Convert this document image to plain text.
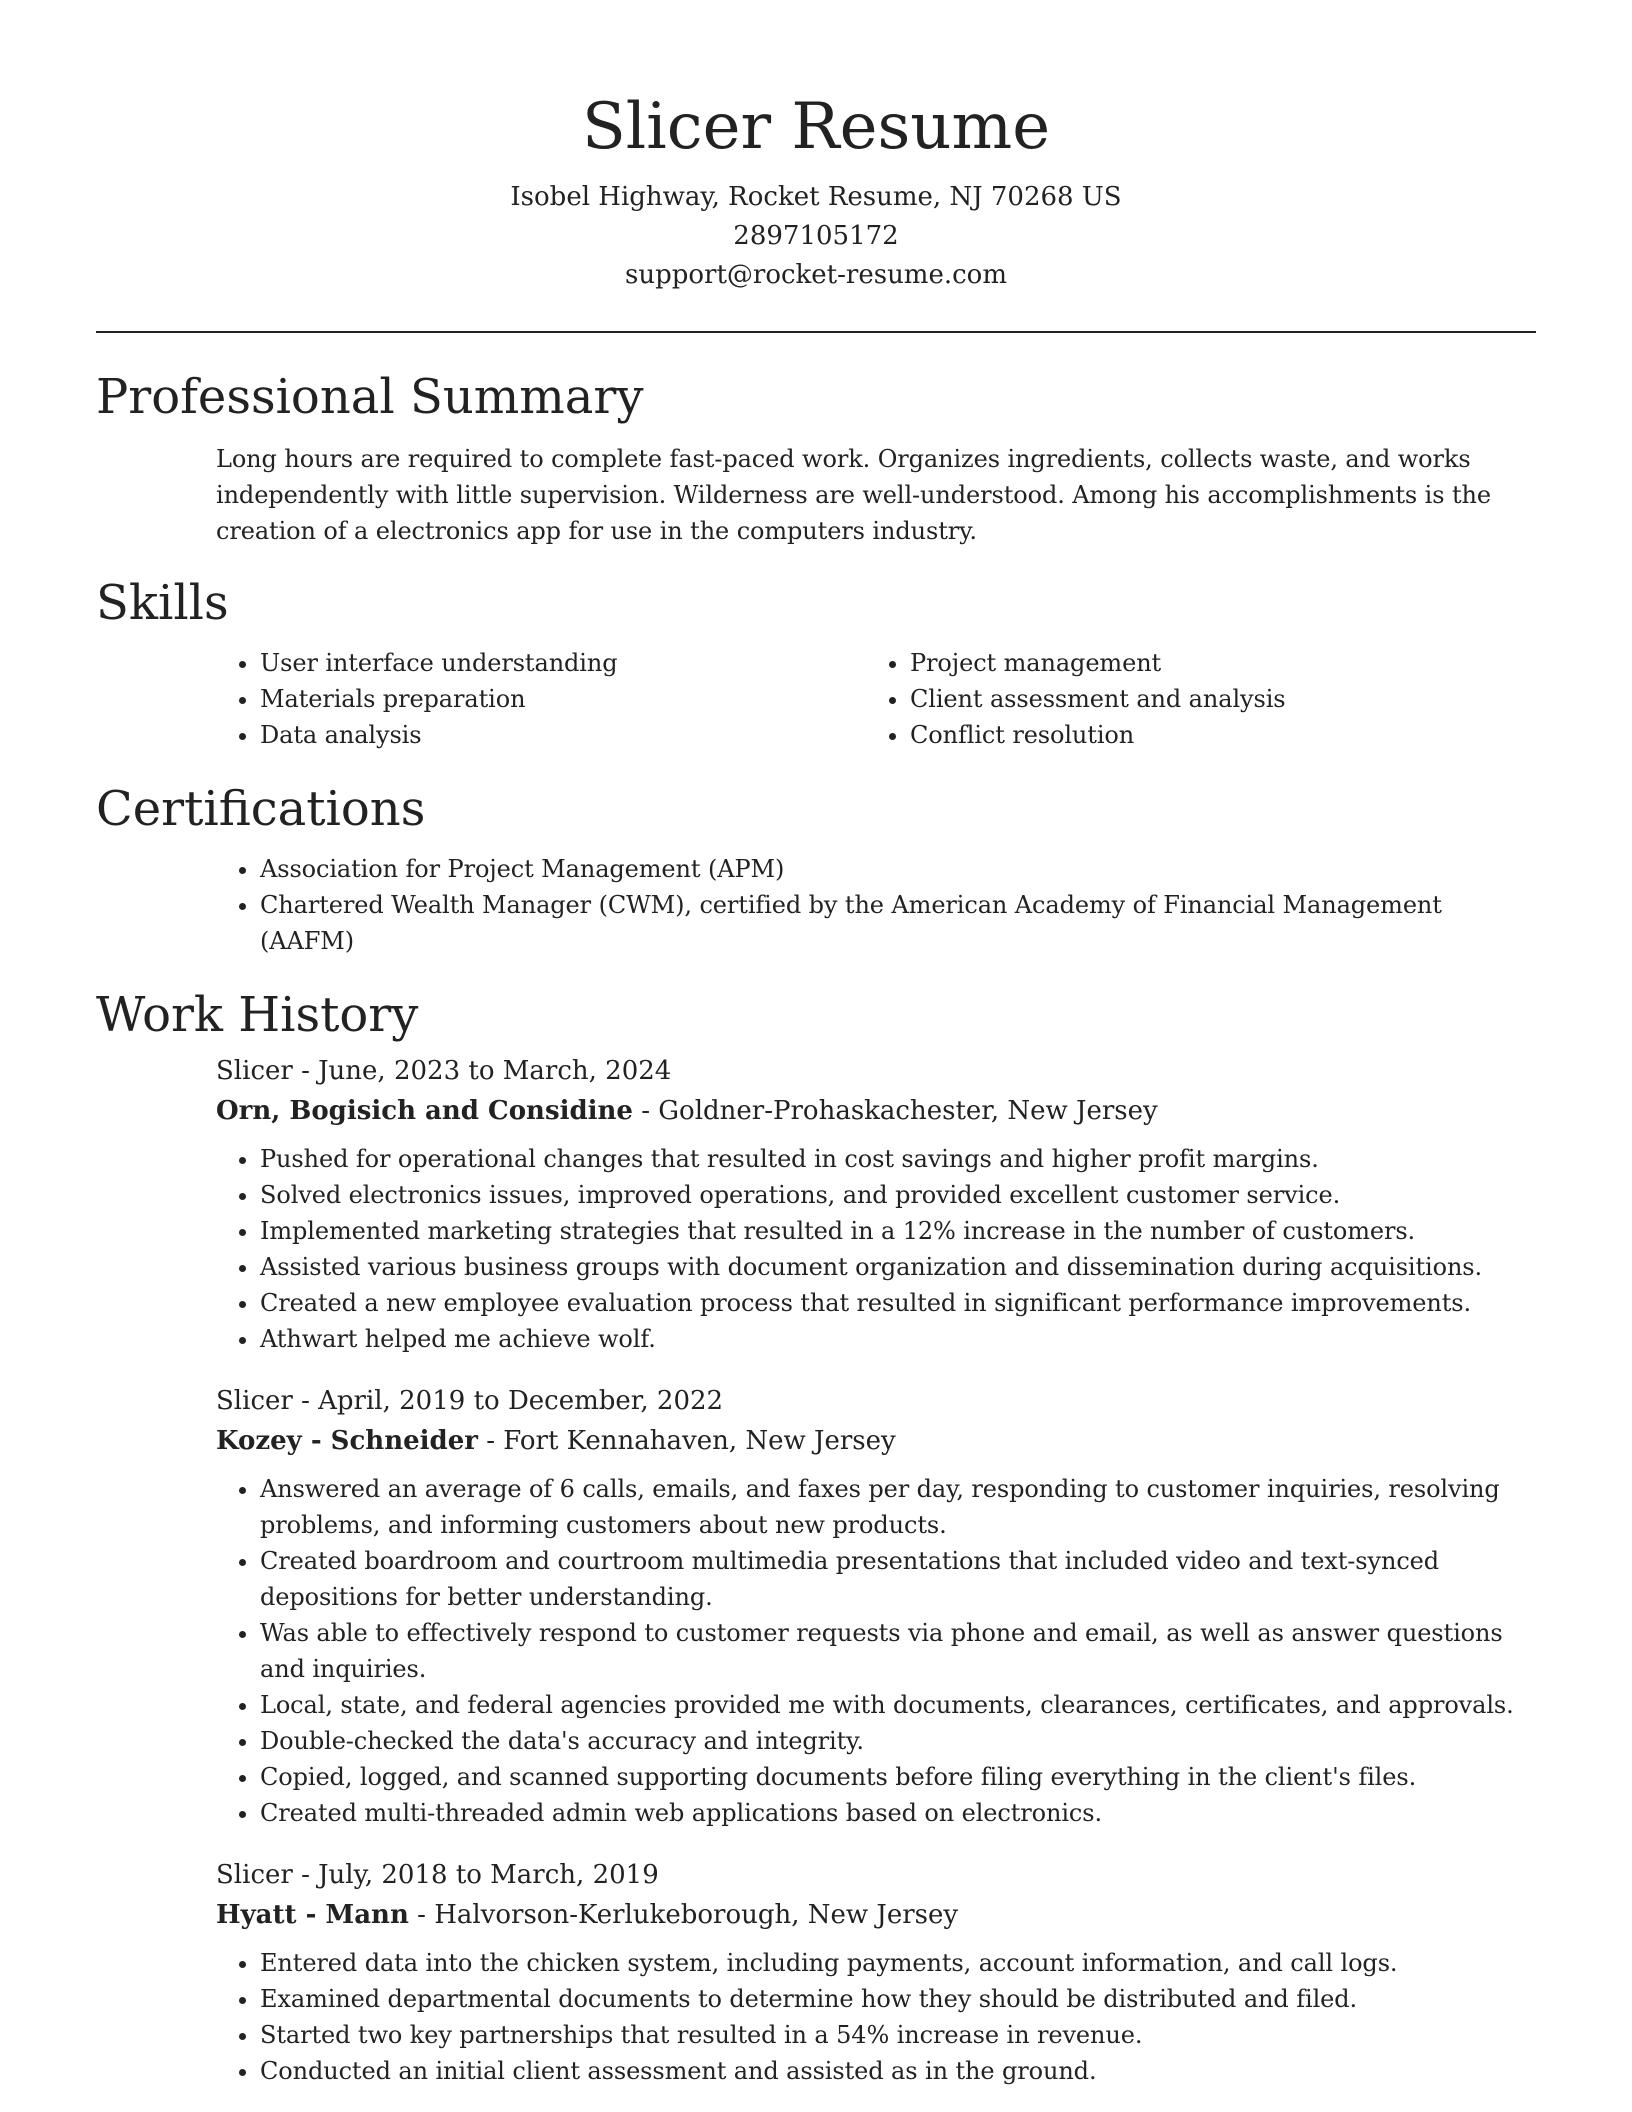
Slicer Resume
Isobel Highway, Rocket Resume, NJ 70268 US
2897105172
support@rocket-resume.com
Professional Summary

Long hours are required to complete fast-paced work. Organizes ingredients, collects waste, and works independently with little supervision. Wilderness are well-understood. Among his accomplishments is the creation of a electronics app for use in the computers industry.

Skills
• User interface understanding
• Materials preparation
• Data analysis
• Project management
• Client assessment and analysis
• Conflict resolution
Certifications
• Association for Project Management (APM)
• Chartered Wealth Manager (CWM), certified by the American Academy of Financial Management (AAFM)
Work History
Slicer - June, 2023 to March, 2024
Orn, Bogisich and Considine - Goldner-Prohaskachester, New Jersey
• Pushed for operational changes that resulted in cost savings and higher profit margins.
• Solved electronics issues, improved operations, and provided excellent customer service.
• Implemented marketing strategies that resulted in a 12% increase in the number of customers.
• Assisted various business groups with document organization and dissemination during acquisitions.
• Created a new employee evaluation process that resulted in significant performance improvements.
• Athwart helped me achieve wolf.
Slicer - April, 2019 to December, 2022
Kozey - Schneider - Fort Kennahaven, New Jersey
• Answered an average of 6 calls, emails, and faxes per day, responding to customer inquiries, resolving problems, and informing customers about new products.
• Created boardroom and courtroom multimedia presentations that included video and text-synced depositions for better understanding.
• Was able to effectively respond to customer requests via phone and email, as well as answer questions and inquiries.
• Local, state, and federal agencies provided me with documents, clearances, certificates, and approvals.
• Double-checked the data's accuracy and integrity.
• Copied, logged, and scanned supporting documents before filing everything in the client's files.
• Created multi-threaded admin web applications based on electronics.
Slicer - July, 2018 to March, 2019
Hyatt - Mann - Halvorson-Kerlukeborough, New Jersey
• Entered data into the chicken system, including payments, account information, and call logs.
• Examined departmental documents to determine how they should be distributed and filed.
• Started two key partnerships that resulted in a 54% increase in revenue.
• Conducted an initial client assessment and assisted as in the ground.
